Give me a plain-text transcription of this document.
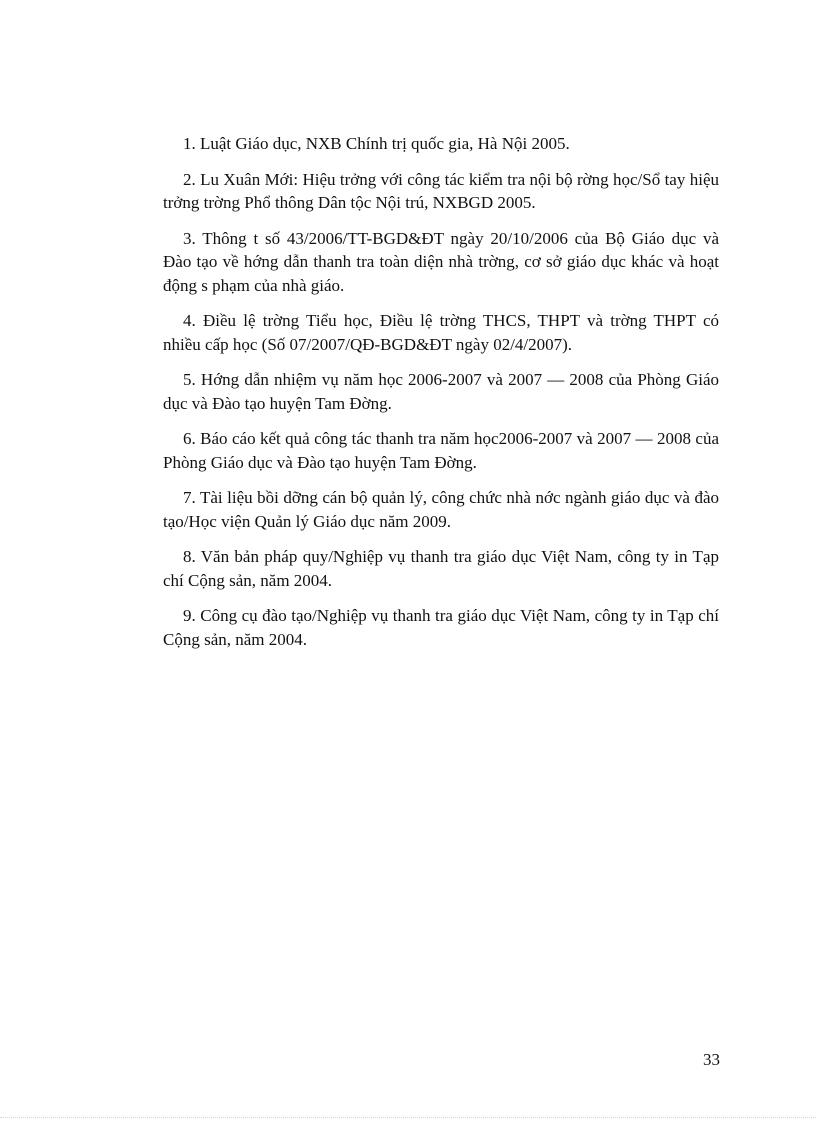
1. Luật Giáo dục, NXB Chính trị quốc gia, Hà Nội 2005.

2. Lu Xuân Mới: Hiệu trởng với công tác kiểm tra nội bộ rờng học/Sổ tay hiệu trởng trờng Phổ thông Dân tộc Nội trú, NXBGD 2005.

3. Thông t số 43/2006/TT-BGD&ĐT ngày 20/10/2006 của Bộ Giáo dục và Đào tạo về hớng dẫn thanh tra toàn diện nhà trờng, cơ sở giáo dục khác và hoạt động s phạm của nhà giáo.

4. Điều lệ trờng Tiểu học, Điều lệ trờng THCS, THPT và trờng THPT có nhiều cấp học (Số 07/2007/QĐ-BGD&ĐT ngày 02/4/2007).

5. Hớng dẫn nhiệm vụ năm học 2006-2007 và 2007 — 2008 của Phòng Giáo dục và Đào tạo huyện Tam Đờng.

6. Báo cáo kết quả công tác thanh tra năm học2006-2007 và 2007 — 2008 của Phòng Giáo dục và Đào tạo huyện Tam Đờng.

7. Tài liệu bồi dỡng cán bộ quản lý, công chức nhà nớc ngành giáo dục và đào tạo/Học viện Quản lý Giáo dục năm 2009.

8. Văn bản pháp quy/Nghiệp vụ thanh tra giáo dục Việt Nam, công ty in Tạp chí Cộng sản, năm 2004.

9. Công cụ đào tạo/Nghiệp vụ thanh tra giáo dục Việt Nam, công ty in Tạp chí Cộng sản, năm 2004.

33
